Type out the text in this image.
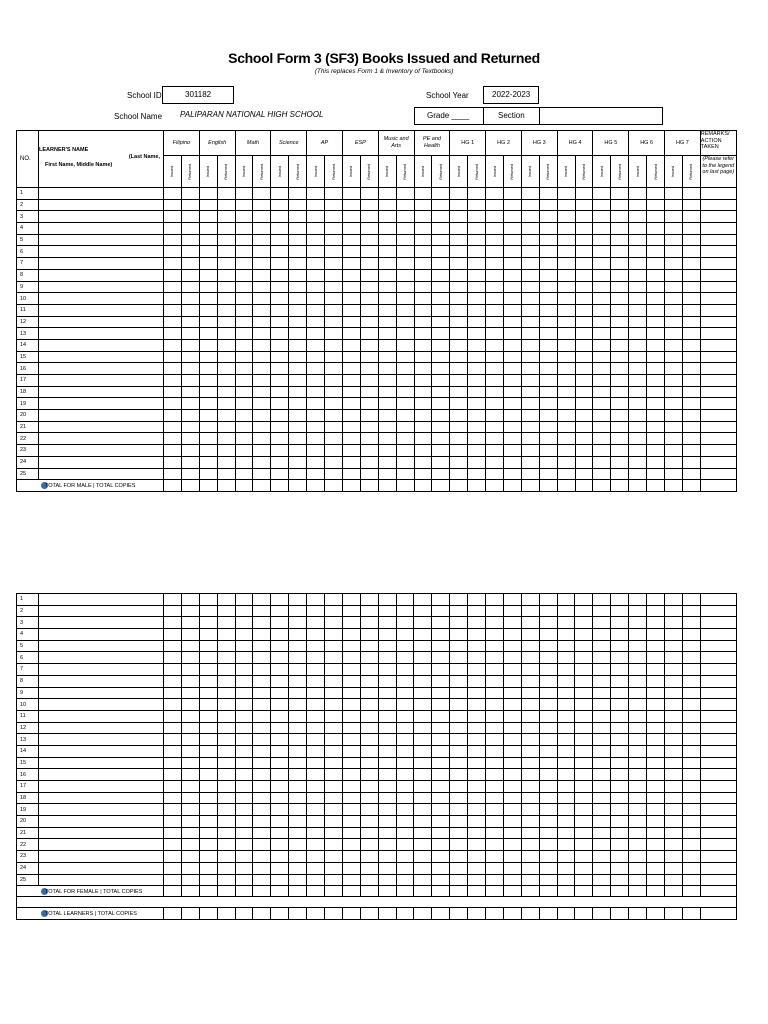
School Form 3 (SF3) Books Issued and Returned
(This replaces Form 1 & Inventory of Textbooks)
School ID	301182	School Year	2022-2023
School Name	PALIPARAN NATIONAL HIGH SCHOOL	Grade ____	Section
NO.	LEARNER'S NAME
(Last Name,
First Name, Middle Name)	Filipino		English		Math		Science		AP		ESP		Music and Arts		PE and Health		HG 1		HG 2		HG 3		HG 4		HG 5		HG 6		HG 7		REMARKS/ ACTION TAKEN

		Issued	Returned	Issued	Returned	Issued	Returned	Issued	Returned	Issued	Returned	Issued	Returned	Issued	Returned	Issued	Returned	Issued	Returned	Issued	Returned	Issued	Returned	Issued	Returned	Issued	Returned	Issued	Returned	Issued	Returned	(Please refer to the legend on last page)
1																																
2																																
3																																
4																																
5																																
6																																
7																																
8																																
9																																
10																																
11																																
12																																
13																																
14																																
15																																
16																																
17																																
18																																
19																																
20																																
21																																
22																																
23																																
24																																
25																																
TOTAL FOR MALE | TOTAL COPIES																																
1																																
2																																
3																																
4																																
5																																
6																																
7																																
8																																
9																																
10																																
11																																
12																																
13																																
14																																
15																																
16																																
17																																
18																																
19																																
20																																
21																																
22																																
23																																
24																																
25																																
TOTAL FOR FEMALE | TOTAL COPIES																																

TOTAL LEARNERS | TOTAL COPIES																																
